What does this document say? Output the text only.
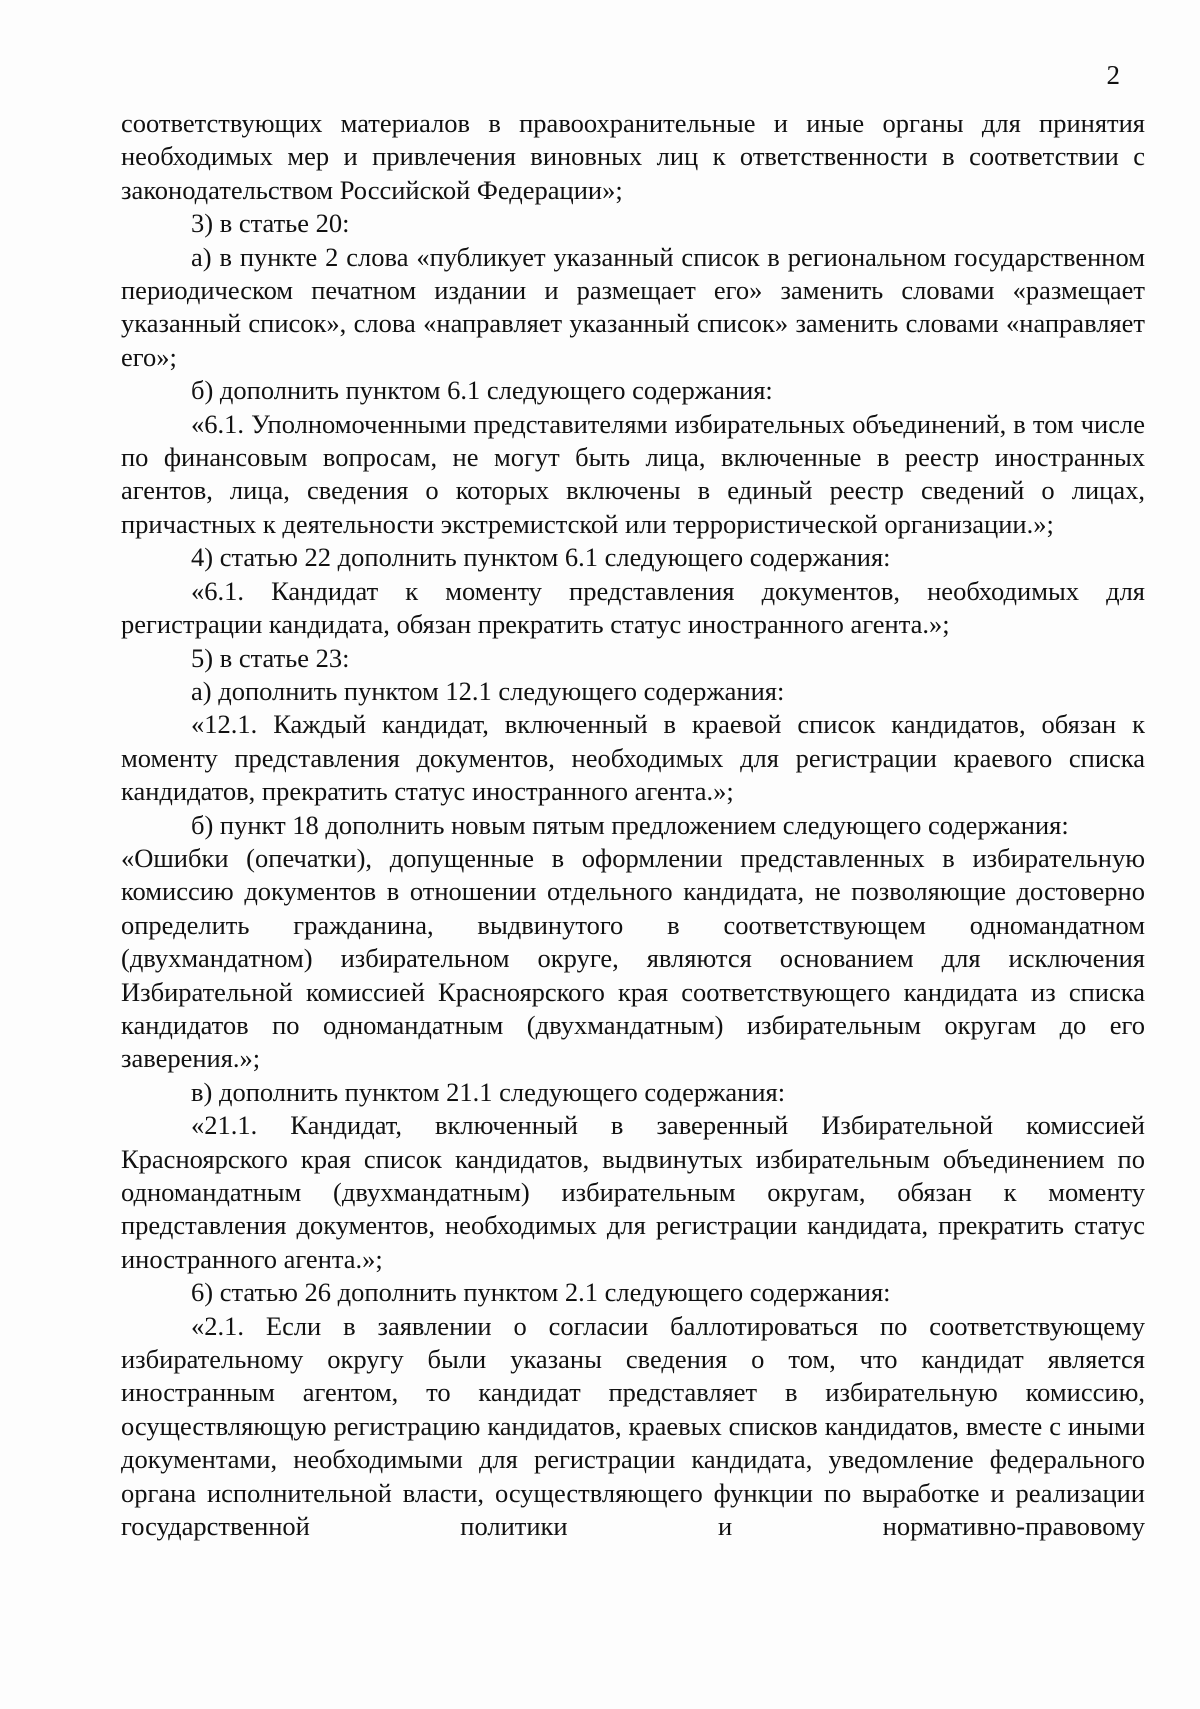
2

соответствующих материалов в правоохранительные и иные органы для принятия необходимых мер и привлечения виновных лиц к ответственности в соответствии с законодательством Российской Федерации»;

3) в статье 20:

а) в пункте 2 слова «публикует указанный список в региональном государственном периодическом печатном издании и размещает его» заменить словами «размещает указанный список», слова «направляет указанный список» заменить словами «направляет его»;

б) дополнить пунктом 6.1 следующего содержания:

«6.1. Уполномоченными представителями избирательных объединений, в том числе по финансовым вопросам, не могут быть лица, включенные в реестр иностранных агентов, лица, сведения о которых включены в единый реестр сведений о лицах, причастных к деятельности экстремистской или террористической организации.»;

4) статью 22 дополнить пунктом 6.1 следующего содержания:

«6.1. Кандидат к моменту представления документов, необходимых для регистрации кандидата, обязан прекратить статус иностранного агента.»;

5) в статье 23:

а) дополнить пунктом 12.1 следующего содержания:

«12.1. Каждый кандидат, включенный в краевой список кандидатов, обязан к моменту представления документов, необходимых для регистрации краевого списка кандидатов, прекратить статус иностранного агента.»;

б) пункт 18 дополнить новым пятым предложением следующего содержания:

«Ошибки (опечатки), допущенные в оформлении представленных в избирательную комиссию документов в отношении отдельного кандидата, не позволяющие достоверно определить гражданина, выдвинутого в соответствующем одномандатном (двухмандатном) избирательном округе, являются основанием для исключения Избирательной комиссией Красноярского края соответствующего кандидата из списка кандидатов по одномандатным (двухмандатным) избирательным округам до его заверения.»;

в) дополнить пунктом 21.1 следующего содержания:

«21.1. Кандидат, включенный в заверенный Избирательной комиссией Красноярского края список кандидатов, выдвинутых избирательным объединением по одномандатным (двухмандатным) избирательным округам, обязан к моменту представления документов, необходимых для регистрации кандидата, прекратить статус иностранного агента.»;

6) статью 26 дополнить пунктом 2.1 следующего содержания:

«2.1. Если в заявлении о согласии баллотироваться по соответствующему избирательному округу были указаны сведения о том, что кандидат является иностранным агентом, то кандидат представляет в избирательную комиссию, осуществляющую регистрацию кандидатов, краевых списков кандидатов, вместе с иными документами, необходимыми для регистрации кандидата, уведомление федерального органа исполнительной власти, осуществляющего функции по выработке и реализации государственной политики и нормативно-правовому
